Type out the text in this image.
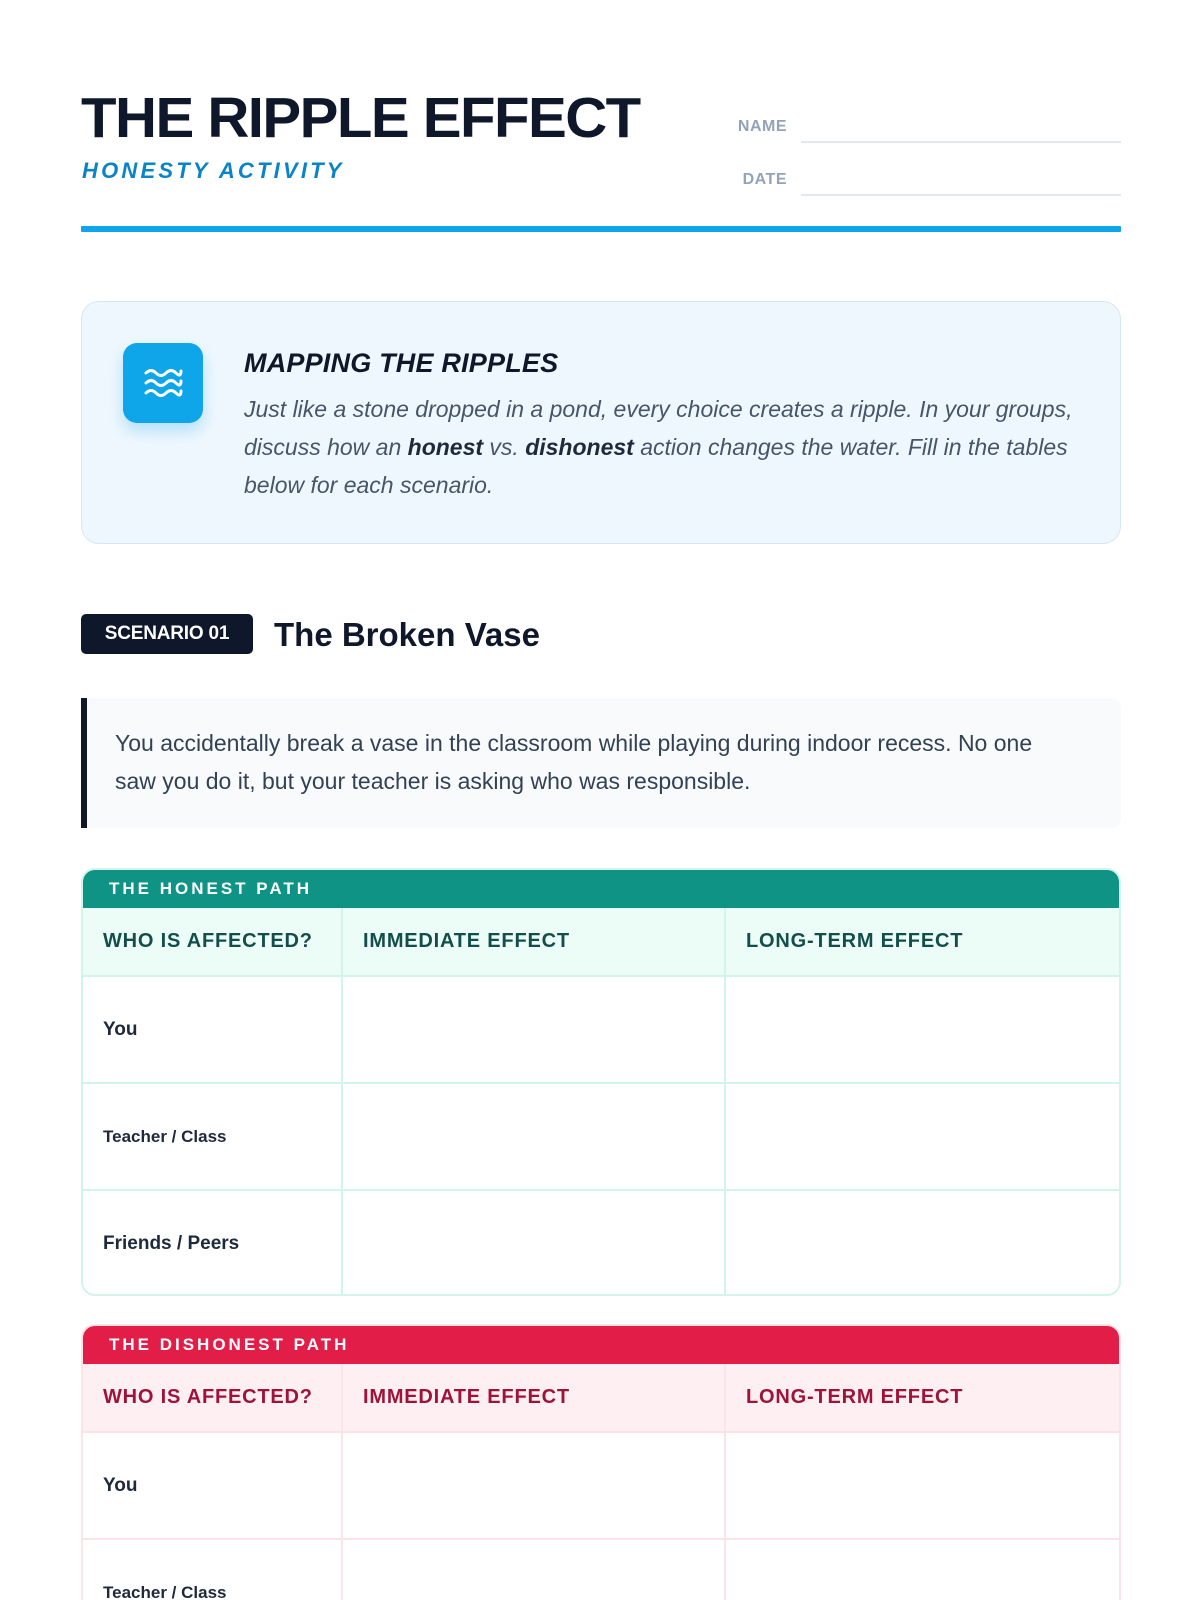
THE RIPPLE EFFECT
HONESTY ACTIVITY
NAME
DATE
MAPPING THE RIPPLES

Just like a stone dropped in a pond, every choice creates a ripple. In your groups, discuss how an honest vs. dishonest action changes the water. Fill in the tables below for each scenario.

SCENARIO 01	The Broken Vase
You accidentally break a vase in the classroom while playing during indoor recess. No one saw you do it, but your teacher is asking who was responsible.
THE HONEST PATH
WHO IS AFFECTED?	IMMEDIATE EFFECT	LONG-TERM EFFECT
You		
Teacher / Class		
Friends / Peers		
THE DISHONEST PATH
WHO IS AFFECTED?	IMMEDIATE EFFECT	LONG-TERM EFFECT
You		
Teacher / Class		
